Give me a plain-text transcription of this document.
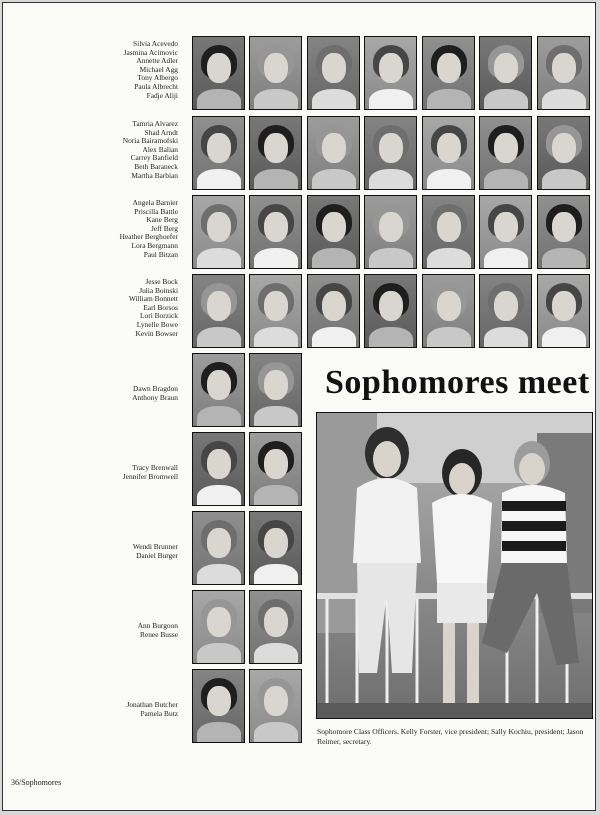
Silvia Acevedo
Jasmina Acimovic
Annette Adler
Michael Agg
Tony Albergo
Paula Albrecht
Fadje Aliji
Tamria Alvarez
Shad Arndt
Noria Bairamofski
Alex Balian
Carrey Banfield
Beth Baraneck
Martha Barbian
Angela Barnier
Priscilla Battle
Kane Berg
Jeff Berg
Heather Berghoefer
Lora Bergmann
Paul Bitzan
Jesse Bock
Julia Boinski
William Bonnett
Earl Borsos
Lori Borzick
Lynelle Bowe
Kevin Bowser
Dawn Bragdon
Anthony Braun
Tracy Brenwall
Jennifer Bromwell
Wendi Brunner
Daniel Burger
Ann Burgoon
Renee Busse
Jonathan Butcher
Pamela Butz
Sophomores meet
Sophomore Class Officers. Kelly Forster, vice president; Sally Kochiu, president; Jason Reimer, secretary.
36/Sophomores
